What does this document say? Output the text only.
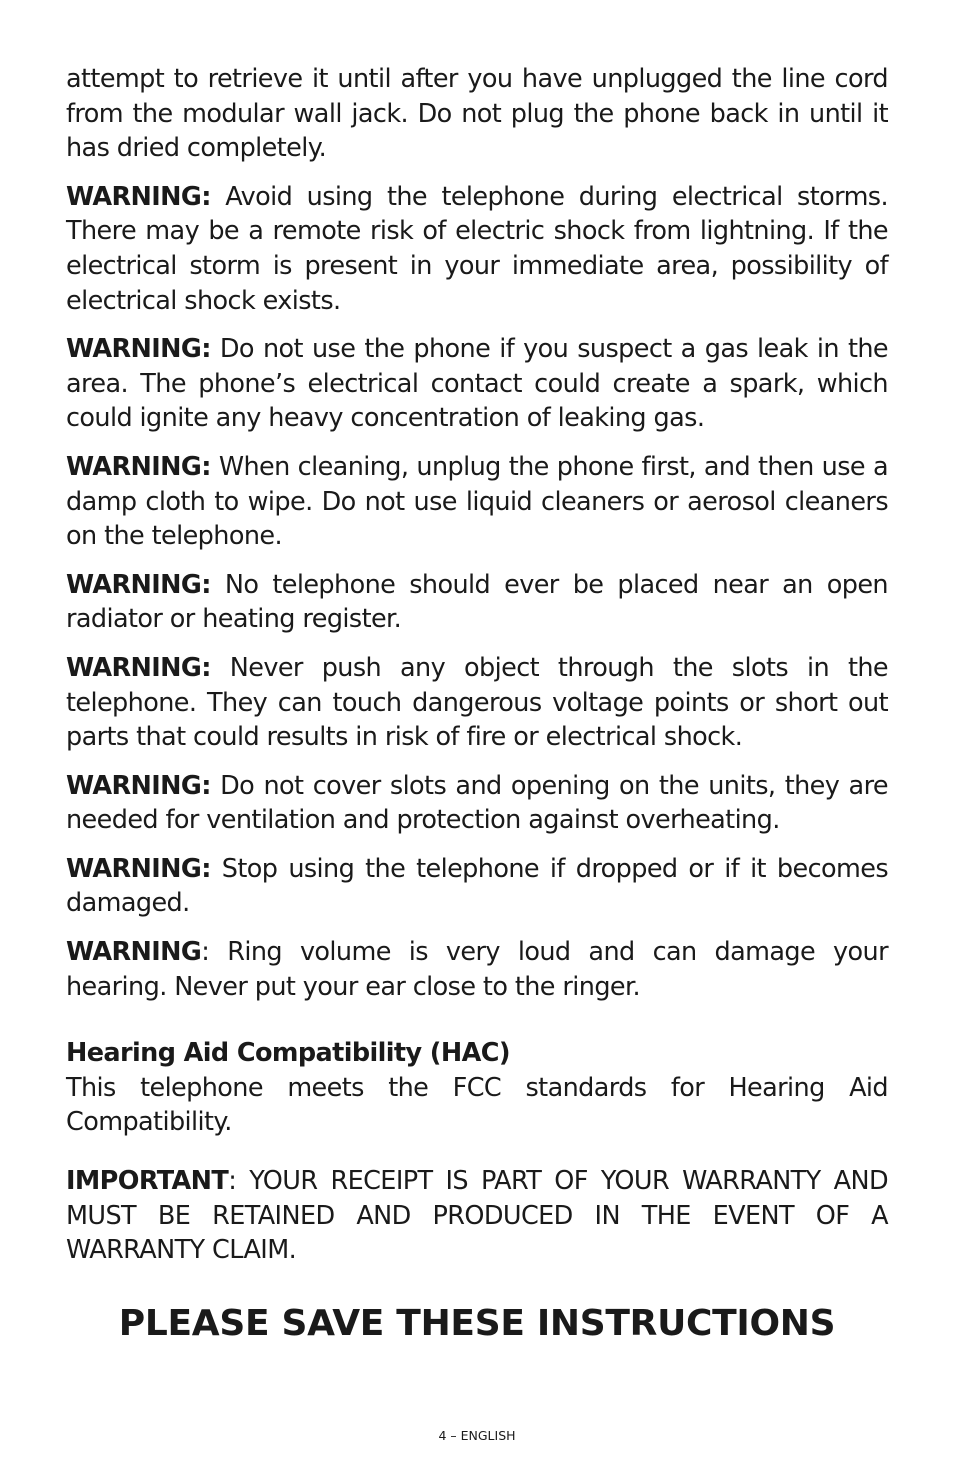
attempt to retrieve it until after you have unplugged the line cord from the modular wall jack. Do not plug the phone back in until it has dried completely.

WARNING: Avoid using the telephone during electrical storms. There may be a remote risk of electric shock from lightning. If the electrical storm is present in your immediate area, possibility of electrical shock exists.

WARNING: Do not use the phone if you suspect a gas leak in the area. The phone’s electrical contact could create a spark, which could ignite any heavy concentration of leaking gas.

WARNING: When cleaning, unplug the phone first, and then use a damp cloth to wipe. Do not use liquid cleaners or aerosol cleaners on the telephone.

WARNING: No telephone should ever be placed near an open radiator or heating register.

WARNING: Never push any object through the slots in the telephone. They can touch dangerous voltage points or short out parts that could results in risk of fire or electrical shock.

WARNING: Do not cover slots and opening on the units, they are needed for ventilation and protection against overheating.

WARNING: Stop using the telephone if dropped or if it becomes damaged.

WARNING: Ring volume is very loud and can damage your hearing. Never put your ear close to the ringer.

Hearing Aid Compatibility (HAC)

This telephone meets the FCC standards for Hearing Aid Compatibility.

IMPORTANT: YOUR RECEIPT IS PART OF YOUR WARRANTY AND MUST BE RETAINED AND PRODUCED IN THE EVENT OF A WARRANTY CLAIM.

PLEASE SAVE THESE INSTRUCTIONS
4 – ENGLISH
